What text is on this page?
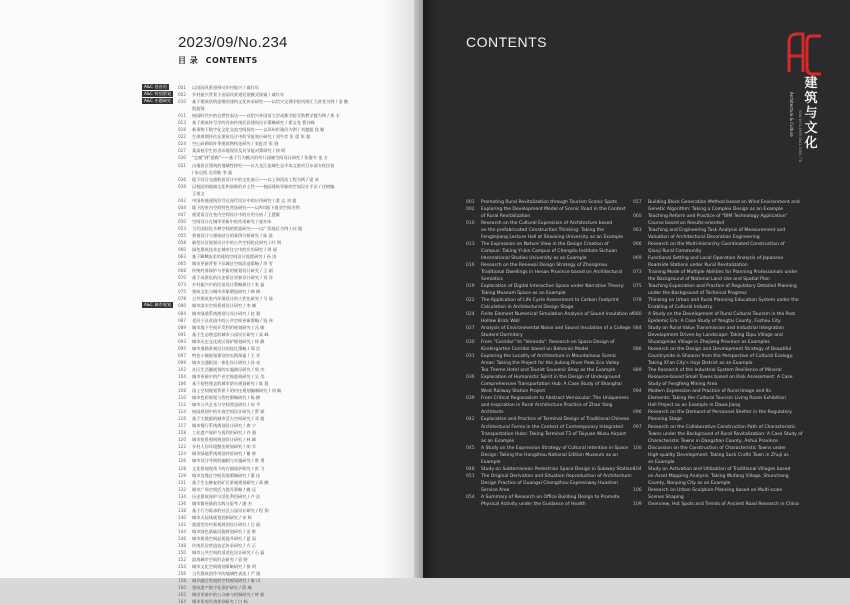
2023/09/No.234
目 录 CONTENTS
A&C 卷首语	001	以田园风景道带动乡村振兴 / 戚红年
A&C 特别策划	002	乡村振兴背景下田园风景道发展模式探索 / 戚红年
A&C 专题研究	010	基于建筑结构思维的建筑文化传承研究——以绍兴文理学院风则江大讲堂为例 / 金 勤
凯旋锋
011	校园时代中的自然性表达——以绍兴外国语大学成都学院艾斯教学楼为例 / 黄 丰
013	基于建筑符号学的河南传统民居建筑设计策略研究 / 翟宝龙 曹谷峰
016	新事物下数字化文化交流空间探究——以邓州市湍河为例 / 刘越超 钱 颖
022	生命周期评估在建筑设计中的节能效应研究 / 刘牛彦 张 晨 张 超
024	空心砖砌筑叶季建筑物构化研究 / 张虹彦 张 骁
027	某高校学生宿舍环境现状及其节能对策研究 / 徐 明
030	"走廊"到"游廊"——基于行为模式的幼儿园廊空间设计研究 / 张俊韦 金 方
031	山地景区建筑的地域性探究——以九龙江流域生态半岛文旅项目东部支柱民宿
/ 朱启凯 吴贵敏 李 磊
036	地下综合交通枢纽设计中的文化展示——以上海西站工程为例 / 梁 成
039	以校园的地域文化和创新的乡土性——校园建筑更新的空间设计手法 / 任树编
王银文
042	中国传统建筑符号在现代设计中的应用研究 / 梁 志 刘 超
044	地下的室内空间特色营造研究——以A市地下商业空间为例
047	视觉语言在室内空间设计中的应用分析 / 王慧敏
050	空间设计在城市更新中的作用研究 / 庞亦冰
053	当代国际化多种空间的营造研究——以广西地区为例 / 向 俊
055	景观设计与建筑结合的案例分析研究 / 陈 晨
058	新型社区规划设计中的公共空间优化研究 / 叶 明
060	绿色建筑技术在城市住宅中的应用研究 / 周 丽
063	基于BIM技术的建筑空间设计流程研究 / 孙 涛
065	城市更新背景下旧城区空间改造策略 / 李 雪
068	传统村落保护与更新的规划设计研究 / 王 刚
070	基于场景化的历史街区更新设计研究 / 刘 洋
073	乡村振兴中的民宿设计策略探讨 / 张 磊
075	建筑文化与城市形象塑造研究 / 韩 梅
078	公共建筑室内环境设计的人性化研究 / 马 骏
A&C 城市规划	080	城市滨水空间景观设计研究 / 李 娜
084	城市绿道系统规划与设计研究 / 赵 强
087	老旧小区改造中的公共空间更新策略 / 钱 伟
089	城市地下空间开发利用规划研究 / 冯 敏
091	基于生态理念的城市公园设计研究 / 高 峰
093	城市历史文化街区保护规划研究 / 徐 静
095	城市道路景观设计的优化策略 / 郑 浩
097	特色小镇规划建设的实践探索 / 王 芳
099	城市交通枢纽一体化设计研究 / 孙 亮
102	社区生活圈规划的实施路径研究 / 周 杰
104	城市更新中的产业空间重构研究 / 吴 昊
106	基于韧性理念的城市防灾规划研究 / 陈 莉
108	国土空间规划背景下的村庄规划编制研究 / 刘 畅
110	城市色彩规划与管控策略研究 / 杨 柳
112	城市公共艺术与空间营造研究 / 何 平
114	校园规划中的开放空间设计研究 / 罗 斌
116	基于大数据的城市活力空间研究 / 邓 超
117	城市慢行系统规划设计研究 / 唐 宁
118	工业遗产保护与再利用研究 / 许 强
120	城市夜景照明规划设计研究 / 林 峰
122	乡村人居环境整治规划研究 / 胡 军
124	城市绿地系统规划评价研究 / 谢 婷
126	城市设计导则的编制与实施研究 / 曾 勇
128	文化景观视角下的古镇保护研究 / 彭 飞
129	城市边缘区空间发展策略研究 / 董 佳
131	基于生态修复的矿区景观规划研究 / 蒋 鹏
132	城市广场空间活力提升策略 / 姚 远
134	历史建筑保护与活化利用研究 / 卢 洁
136	城市微更新的实践与思考 / 潘 杰
138	基于行为需求的社区公园设计研究 / 程 翔
140	城市天际线规划控制研究 / 宋 辉
142	旅游型乡村景观规划设计研究 / 汪 丽
144	城市绿色基础设施规划研究 / 田 野
146	城市街道空间品质提升研究 / 夏 雨
148	传统民居营造技艺传承研究 / 方 正
150	城市公共空间的适老化设计研究 / 石 磊
152	滨海城市空间形态研究 / 袁 野
154	城市文化空间规划策略研究 / 黎 明
156	当代建筑创作中的地域性表达 / 严 谨
158	城乡融合发展的空间规划研究 / 秦 川
160	建筑遗产数字化保护研究 / 薛 峰
162	城市更新中的公众参与机制研究 / 钟 毅
164	城市景观风貌规划研究 / 白 杨
CONTENTS
建筑与文化
Architecture & Culture ISSN 1672-4909 CN11-5068 / TU
001	Promoting Rural Revitalization through Tourism Scenic Spots
002	Exploring the Development Model of Scenic Road in the Context
of Rural Revitalization
010	Research on the Cultural Expression of Architecture based
on the prefabricated Construction Thinking: Taking the
Fengzejiang Lecture Hall at Shaoxing University as an Example
013	The Expression on Nature View in the Design Creation of
Campus: Taking Yi-bin Campus of Chengdu Institute Sichuan
International Studies University as an Example
016	Research on the Renewal Design Strategy of Zhongmou
Traditional Dwellings in Henan Province based on Architectural
Semiotics
019	Exploration of Digital Interactive Space under Narrative Theory:
Taking Museum Space as an Example
022	The Application of Life Cycle Assessment to Carbon Footprint
Calculation in Architectural Design Stage
024	Finite Element Numerical Simulation Analysis of Sound Insulation of
Hollow Brick Wall
027	Analysis of Environmental Noise and Sound Insulation of a College
Student Dormitory
030	From "Corridor" to "Veranda": Research on Space Design of
Kindergarten Corridor based on Behavior Model
031	Exploring the Locality of Architecture in Mountainous Scenic
Areas: Taking the Project for the Jiulong River Peak Eco Valley
Tea Theme Hotel and Tourist Souvenir Shop as the Example
036	Exploration of Humanistic Spirit in the Design of Underground
Comprehensive Transportation Hub: A Case Study of Shanghai
West Railway Station Project
039	From Critical Regionalism to Abstract Vernacular: The Uniqueness
and Inspiration in Rural Architecture Practice of Zhao Yang
Architects
042	Exploration and Practice of Terminal Design of Traditional Chinese
Architectural Forms in the Context of Contemporary Integrated
Transportation Hubs: Taking Terminal T3 of Taiyuan Wusu Airport
as an Example
045	A Study on the Expression Strategy of Cultural Intention in Space
Design: Taking the Hangzhou National Edition Museum as an
Example
048	Study on Subterranean Pedestrian Space Design in Subway Stations
051	The Original Derivation and Situation Reproduction of Architecture:
Design Practice of Guangxi Chongzhou Expressway Huashan
Service Area
054	A Summary of Research on Office Building Design to Promote
Physical Activity under the Guidance of Health
057	Building Block Generation Method based on Wind Environment and
Genetic Algorithm: Taking a Complex Design as an Example
060	Teaching Reform and Practice of "BIM Technology Application"
Course based on Results-oriented
063	Teaching and Engineering Task Analysis of Measurement and
Valuation of Architectural Decoration Engineering
066	Research on the Multi-hierarchy Coordinated Construction of
Qianji Rural Community
069	Functional Setting and Local Operation Analysis of Japanese
Roadside Stations under Rural Revitalization
073	Training Mode of Multiple Abilities for Planning Professionals under
the Background of National Land Use and Spatial Plan
075	Teaching Exploration and Practice of Regulatory Detailed Planning
under the Background of Technical Progress
078	Thinking on Urban and Rural Planning Education System under the
Enabling of Cultural Industry
080	A Study on the Development of Rural Cultural Tourism in the Post
Epidemic Era: A Case Study of Yongtai County, Fuzhou City
084	Study on Rural Value Transmission and Industrial Integration
Development Driven by Landscape: Taking Dipu Village and
Shuangmiao Village in Zhejiang Province as Examples
086	Research on the Design and Development Strategy of Beautiful
Countryside in Shaanxi from the Perspective of Cultural Ecology:
Taking Xi'an City's Huyi District as an Example
089	The Research of the Industrial System Resilience of Mineral
Resource-based Small Towns based on Risk Assessment: A Case
Study of Fengfeng Mining Area
094	Modern Expression and Practice of Rural Image and Its
Elements: Taking the Cultural Tourism Living Room Exhibition
Hall Project as an Example in Dawa Jiang
096	Research on the Demand of Personnel Shelter in the Regulatory
Planning Stage
097	Research on the Collaborative Construction Path of Characteristic
Towns under the Background of Rural Revitalization: A Case Study of
Characteristic Towns in Dangshan County, Anhui Province
100	Discussion on the Construction of Characteristic Towns under
High-quality Development: Taking Sock Crafts Town in Zhuji as
an Example
104	Study on Activation and Utilization of Traditional Villages based
on Asset Mapping Analysis: Taking Wufang Village, Shunchang
County, Nanping City as an Example
106	Research on Urban Sculpture Planning based on Multi-scale
Scenes Shaping
109	Overview, Hot Spots and Trends of Ancient Road Research in China
